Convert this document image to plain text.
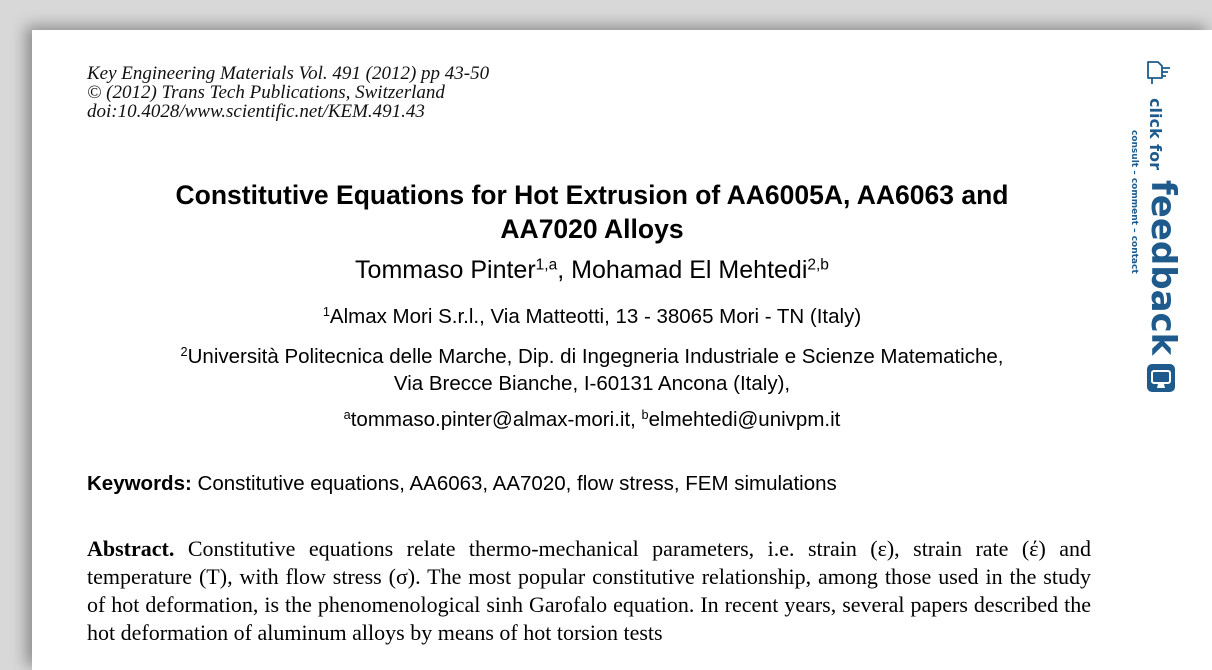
Key Engineering Materials Vol. 491 (2012) pp 43-50
© (2012) Trans Tech Publications, Switzerland
doi:10.4028/www.scientific.net/KEM.491.43
Constitutive Equations for Hot Extrusion of AA6005A, AA6063 and
AA7020 Alloys
Tommaso Pinter$^{1,a}$, Mohamad El Mehtedi$^{2,b}$
$^1$Almax Mori S.r.l., Via Matteotti, 13 - 38065 Mori - TN (Italy)
$^2$Università Politecnica delle Marche, Dip. di Ingegneria Industriale e Scienze Matematiche,
Via Brecce Bianche, I-60131 Ancona (Italy),
$^a$tommaso.pinter@almax-mori.it, $^b$elmehtedi@univpm.it
Keywords: Constitutive equations, AA6063, AA7020, flow stress, FEM simulations
Abstract. Constitutive equations relate thermo-mechanical parameters, i.e. strain (ε), strain rate (έ) and temperature (T), with flow stress (σ). The most popular constitutive relationship, among those used in the study of hot deformation, is the phenomenological sinh Garofalo equation. In recent years, several papers described the hot deformation of aluminum alloys by means of hot torsion tests
click for
feedback
consult – comment – contact
